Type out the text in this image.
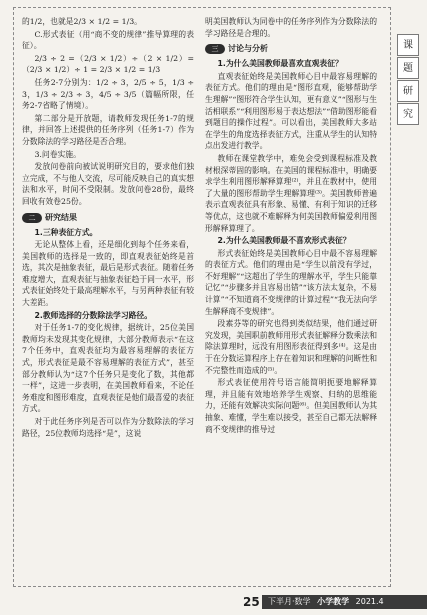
的1/2，也就是2/3 × 1/2 = 1/3。

C.形式表征（用“商不变的规律”推导算理的表征）。

2/3 ÷ 2 =（2/3 × 1/2）÷（2 × 1/2）=（2/3 × 1/2）÷ 1 = 2/3 × 1/2 = 1/3

任务2-7分别为：1/2 ÷ 3，2/5 ÷ 5，1/3 ÷ 3，1/3 ÷ 2/3 ÷ 3，4/5 ÷ 3/5（篇幅所限，任务2-7省略了情境）。

第二部分是开放题，请教师发现任务1-7的规律，并回答上述提供的任务序列（任务1-7）作为分数除法的学习路径是否合理。

3.问卷实施。

发放问卷前向被试说明研究目的，要求他们独立完成，不与他人交流，尽可能反映自己的真实想法和水平，时间不受限制。发放问卷28份，最终回收有效卷25份。

二	研究结果

1.三种表征方式。

无论从整体上看，还是细化到每个任务来看，美国教师的选择是一致的，即直观表征始终是首选，其次是抽象表征，最后是形式表征。随着任务难度增大，直观表征与抽象表征趋于同一水平，形式表征始终处于最高理解水平，与另两种表征有较大差距。

2.教师选择的分数除法学习路径。

对于任务1-7的变化规律，据统计，25位美国教师均未发现其变化规律，大部分教师表示“在这7个任务中，直观表征均为最容易理解的表征方式，形式表征是最不容易理解的表征方式”，甚至部分教师认为“这7个任务只是变化了数，其他都一样”，这进一步表明，在美国教师看来，不论任务难度和图形难度，直观表征是他们最喜爱的表征方式。

对于此任务序列是否可以作为分数除法的学习路径，25位教师均选择“是”，这说

明美国教师认为同卷中的任务序列作为分数除法的学习路径是合理的。

三	讨论与分析

1.为什么美国教师最喜欢直观表征？

直观表征始终是美国教师心目中最容易理解的表征方式。他们的理由是“图形直观，能够帮助学生理解”“图形符合学生认知，更有意义”“图形与生活相联系”“利用图形易于表达想法”“借助图形能看到题目的操作过程”。可以看出，美国教师大多站在学生的角度选择表征方式，注重从学生的认知特点出发进行教学。

教师在课堂教学中，难免会受到课程标准及教材根深蒂固的影响。在美国的课程标准中，明确要求学生利用图形解释算理⁽²⁾，并且在教材中，使用了大量的图形帮助学生理解算理⁽³⁾。美国教师普遍表示直观表征具有形象、易懂、有利于知识的迁移等优点，这也就不难解释为何美国教师偏爱利用图形解释算理了。

2.为什么美国教师最不喜欢形式表征？

形式表征始终是美国教师心目中最不容易理解的表征方式。他们的理由是“学生以前没有学过，不好理解”“这超出了学生的理解水平，学生只能靠记忆”“步骤多并且容易出错”“该方法太复杂，不易计算”“不知道商不变规律的计算过程”“我无法向学生解释商不变规律”。

段素芬等的研究也得到类似结果，他们通过研究发现，美国职前教师用形式表征解释分数乘法和除法算理时，远没有用图形表征得到多⁽⁴⁾。这是由于在分数运算程序上存在着知识和理解的问断性和不完整性而造成的⁽⁵⁾。

形式表征使用符号语言能简明扼要地解释算理，并且能有效地培养学生观察、归纳的思维能力，还能有效解决实际问题⁽⁶⁾。但美国教师认为其抽象、难懂，学生难以接受，甚至自己都无法解释商不变规律的推导过

课
题
研
究
25	下半月·数学 小学教学 2021.4
